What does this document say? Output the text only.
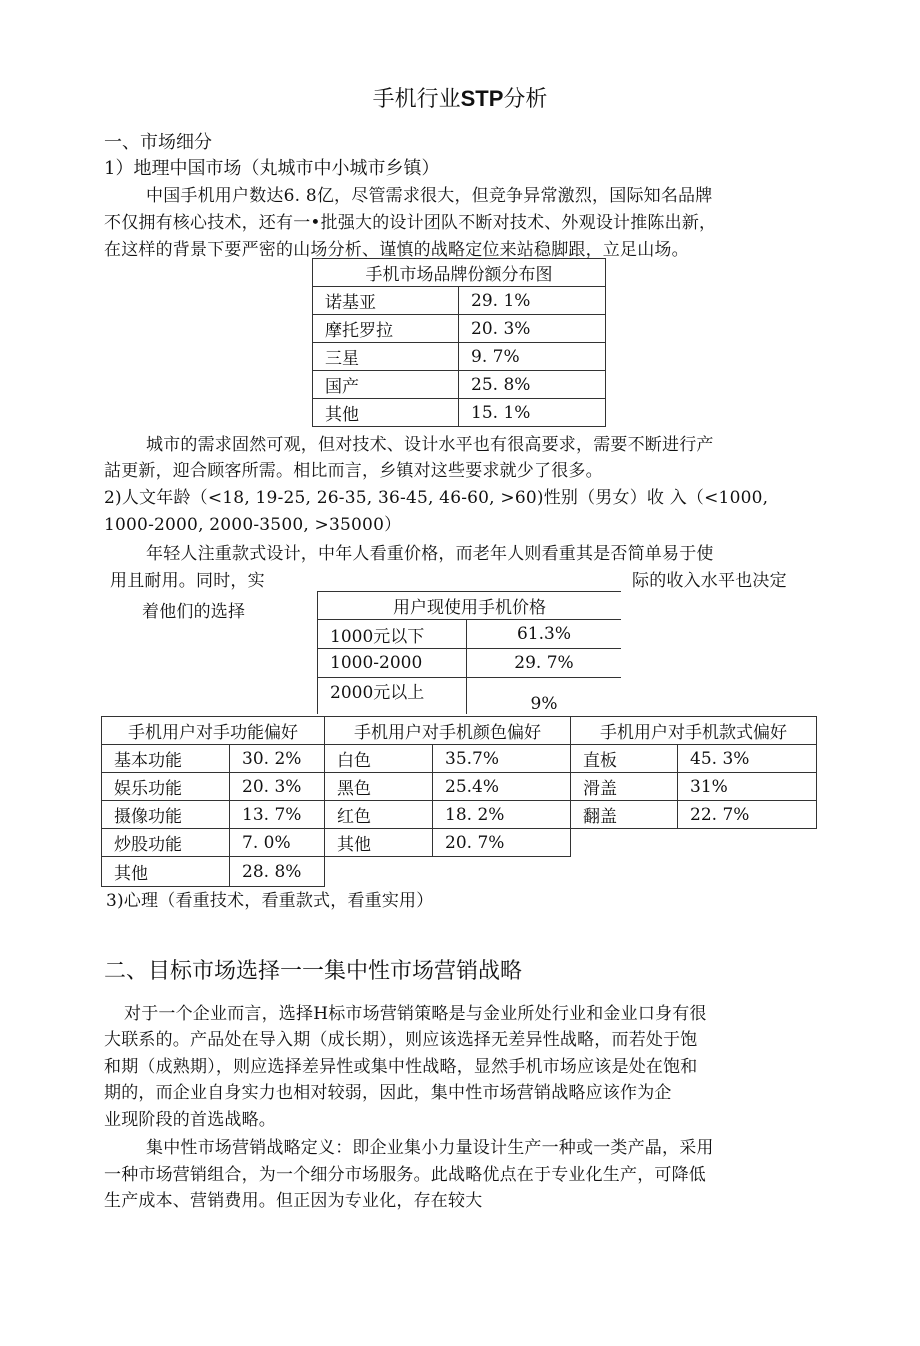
手机行业STP分析
一、市场细分
1）地理中国市场（丸城市中小城市乡镇）
中国手机用户数达6. 8亿，尽管需求很大，但竞争异常激烈，国际知名品牌
不仅拥有核心技术，还有一•批强大的设计团队不断对技术、外观设计推陈出新，
在这样的背景下要严密的山场分析、谨慎的战略定位来站稳脚跟，立足山场。
手机市场品牌份额分布图	
诺基亚	29. 1%
摩托罗拉	20. 3%
三星	9. 7%
国产	25. 8%
其他	15. 1%
城市的需求固然可观，但对技术、设计水平也有很高要求，需要不断进行产
詁更新，迎合顾客所需。相比而言，乡镇对这些要求就少了很多。
2)人文年龄（<18, 19-25, 26-35, 36-45, 46-60, >60)性别（男女）收 入（<1000,
1000-2000, 2000-3500, >35000）
年轻人注重款式设计，中年人看重价格，而老年人则看重其是否简单易于使
用且耐用。同时，实	际的收入水平也决定
着他们的选择	用户现使用手机价格	
1000元以下	61.3%
1000-2000	29. 7%
2000元以上	9%
手机用户对手功能偏好	
基本功能	30. 2%
娱乐功能	20. 3%
摄像功能	13. 7%
炒股功能	7. 0%
其他	28. 8%
手机用户对手机颜色偏好	
白色	35.7%
黑色	25.4%
红色	18. 2%
其他	20. 7%
手机用户对手机款式偏好	
直板	45. 3%
滑盖	31%
翻盖	22. 7%
3)心理（看重技术，看重款式，看重实用）
二、目标市场选择一一集中性市场营销战略
对于一个企业而言，选择H标市场营销策略是与金业所处行业和金业口身有很
大联系的。产品处在导入期（成长期），则应该选择无差异性战略，而若处于饱
和期（成熟期），则应选择差异性或集中性战略，显然手机市场应该是处在饱和
期的，而企业自身实力也相对较弱，因此，集中性市场营销战略应该作为企
业现阶段的首选战略。
集中性市场营销战略定义：即企业集小力量设计生产一种或一类产晶，采用
一种市场营销组合，为一个细分市场服务。此战略优点在于专业化生产，可降低
生产成本、营销费用。但正因为专业化，存在较大
